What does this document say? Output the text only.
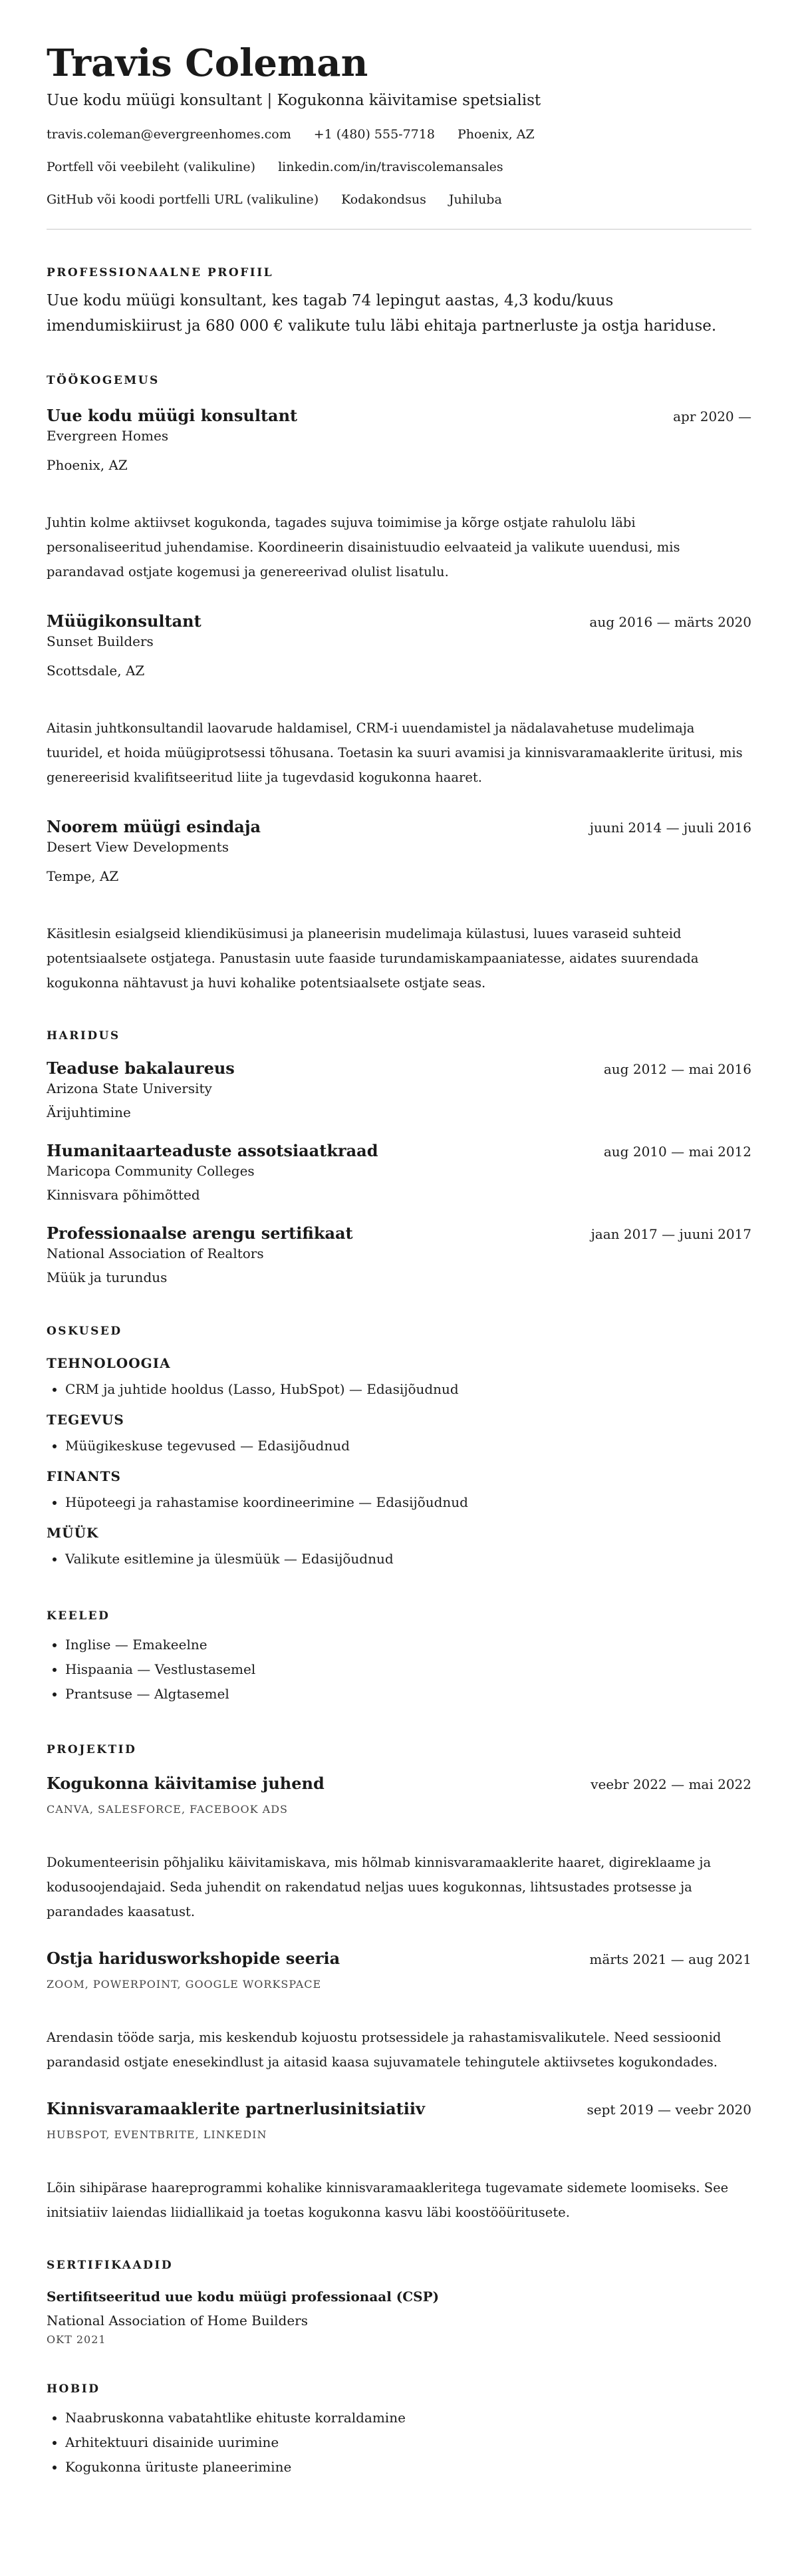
Travis Coleman
Uue kodu müügi konsultant | Kogukonna käivitamise spetsialist
travis.coleman@evergreenhomes.com +1 (480) 555-7718 Phoenix, AZ
Portfell või veebileht (valikuline) linkedin.com/in/traviscolemansales
GitHub või koodi portfelli URL (valikuline) Kodakondsus Juhiluba
PROFESSIONAALNE PROFIIL
Uue kodu müügi konsultant, kes tagab 74 lepingut aastas, 4,3 kodu/kuus imendumiskiirust ja 680 000 € valikute tulu läbi ehitaja partnerluste ja ostja hariduse.
TÖÖKOGEMUS
Uue kodu müügi konsultant	apr 2020 —
Evergreen Homes
Phoenix, AZ
Juhtin kolme aktiivset kogukonda, tagades sujuva toimimise ja kõrge ostjate rahulolu läbi personaliseeritud juhendamise. Koordineerin disainistuudio eelvaateid ja valikute uuendusi, mis parandavad ostjate kogemusi ja genereerivad olulist lisatulu.
Müügikonsultant	aug 2016 — märts 2020
Sunset Builders
Scottsdale, AZ
Aitasin juhtkonsultandil laovarude haldamisel, CRM-i uuendamistel ja nädalavahetuse mudelimaja tuuridel, et hoida müügiprotsessi tõhusana. Toetasin ka suuri avamisi ja kinnisvaramaaklerite üritusi, mis genereerisid kvalifitseeritud liite ja tugevdasid kogukonna haaret.
Noorem müügi esindaja	juuni 2014 — juuli 2016
Desert View Developments
Tempe, AZ
Käsitlesin esialgseid kliendiküsimusi ja planeerisin mudelimaja külastusi, luues varaseid suhteid potentsiaalsete ostjatega. Panustasin uute faaside turundamiskampaaniatesse, aidates suurendada kogukonna nähtavust ja huvi kohalike potentsiaalsete ostjate seas.
HARIDUS
Teaduse bakalaureus	aug 2012 — mai 2016
Arizona State University
Ärijuhtimine
Humanitaarteaduste assotsiaatkraad	aug 2010 — mai 2012
Maricopa Community Colleges
Kinnisvara põhimõtted
Professionaalse arengu sertifikaat	jaan 2017 — juuni 2017
National Association of Realtors
Müük ja turundus
OSKUSED
TEHNOLOOGIA
• CRM ja juhtide hooldus (Lasso, HubSpot) — Edasijõudnud
TEGEVUS
• Müügikeskuse tegevused — Edasijõudnud
FINANTS
• Hüpoteegi ja rahastamise koordineerimine — Edasijõudnud
MÜÜK
• Valikute esitlemine ja ülesmüük — Edasijõudnud
KEELED
• Inglise — Emakeelne
• Hispaania — Vestlustasemel
• Prantsuse — Algtasemel
PROJEKTID
Kogukonna käivitamise juhend	veebr 2022 — mai 2022
CANVA, SALESFORCE, FACEBOOK ADS
Dokumenteerisin põhjaliku käivitamiskava, mis hõlmab kinnisvaramaaklerite haaret, digireklaame ja kodusoojendajaid. Seda juhendit on rakendatud neljas uues kogukonnas, lihtsustades protsesse ja parandades kaasatust.
Ostja haridusworkshopide seeria	märts 2021 — aug 2021
ZOOM, POWERPOINT, GOOGLE WORKSPACE
Arendasin tööde sarja, mis keskendub kojuostu protsessidele ja rahastamisvalikutele. Need sessioonid parandasid ostjate enesekindlust ja aitasid kaasa sujuvamatele tehingutele aktiivsetes kogukondades.
Kinnisvaramaaklerite partnerlusinitsiatiiv	sept 2019 — veebr 2020
HUBSPOT, EVENTBRITE, LINKEDIN
Lõin sihipärase haareprogrammi kohalike kinnisvaramaakleritega tugevamate sidemete loomiseks. See initsiatiiv laiendas liidiallikaid ja toetas kogukonna kasvu läbi koostööüritusete.
SERTIFIKAADID
Sertifitseeritud uue kodu müügi professionaal (CSP)
National Association of Home Builders
OKT 2021
HOBID
• Naabruskonna vabatahtlike ehituste korraldamine
• Arhitektuuri disainide uurimine
• Kogukonna ürituste planeerimine
